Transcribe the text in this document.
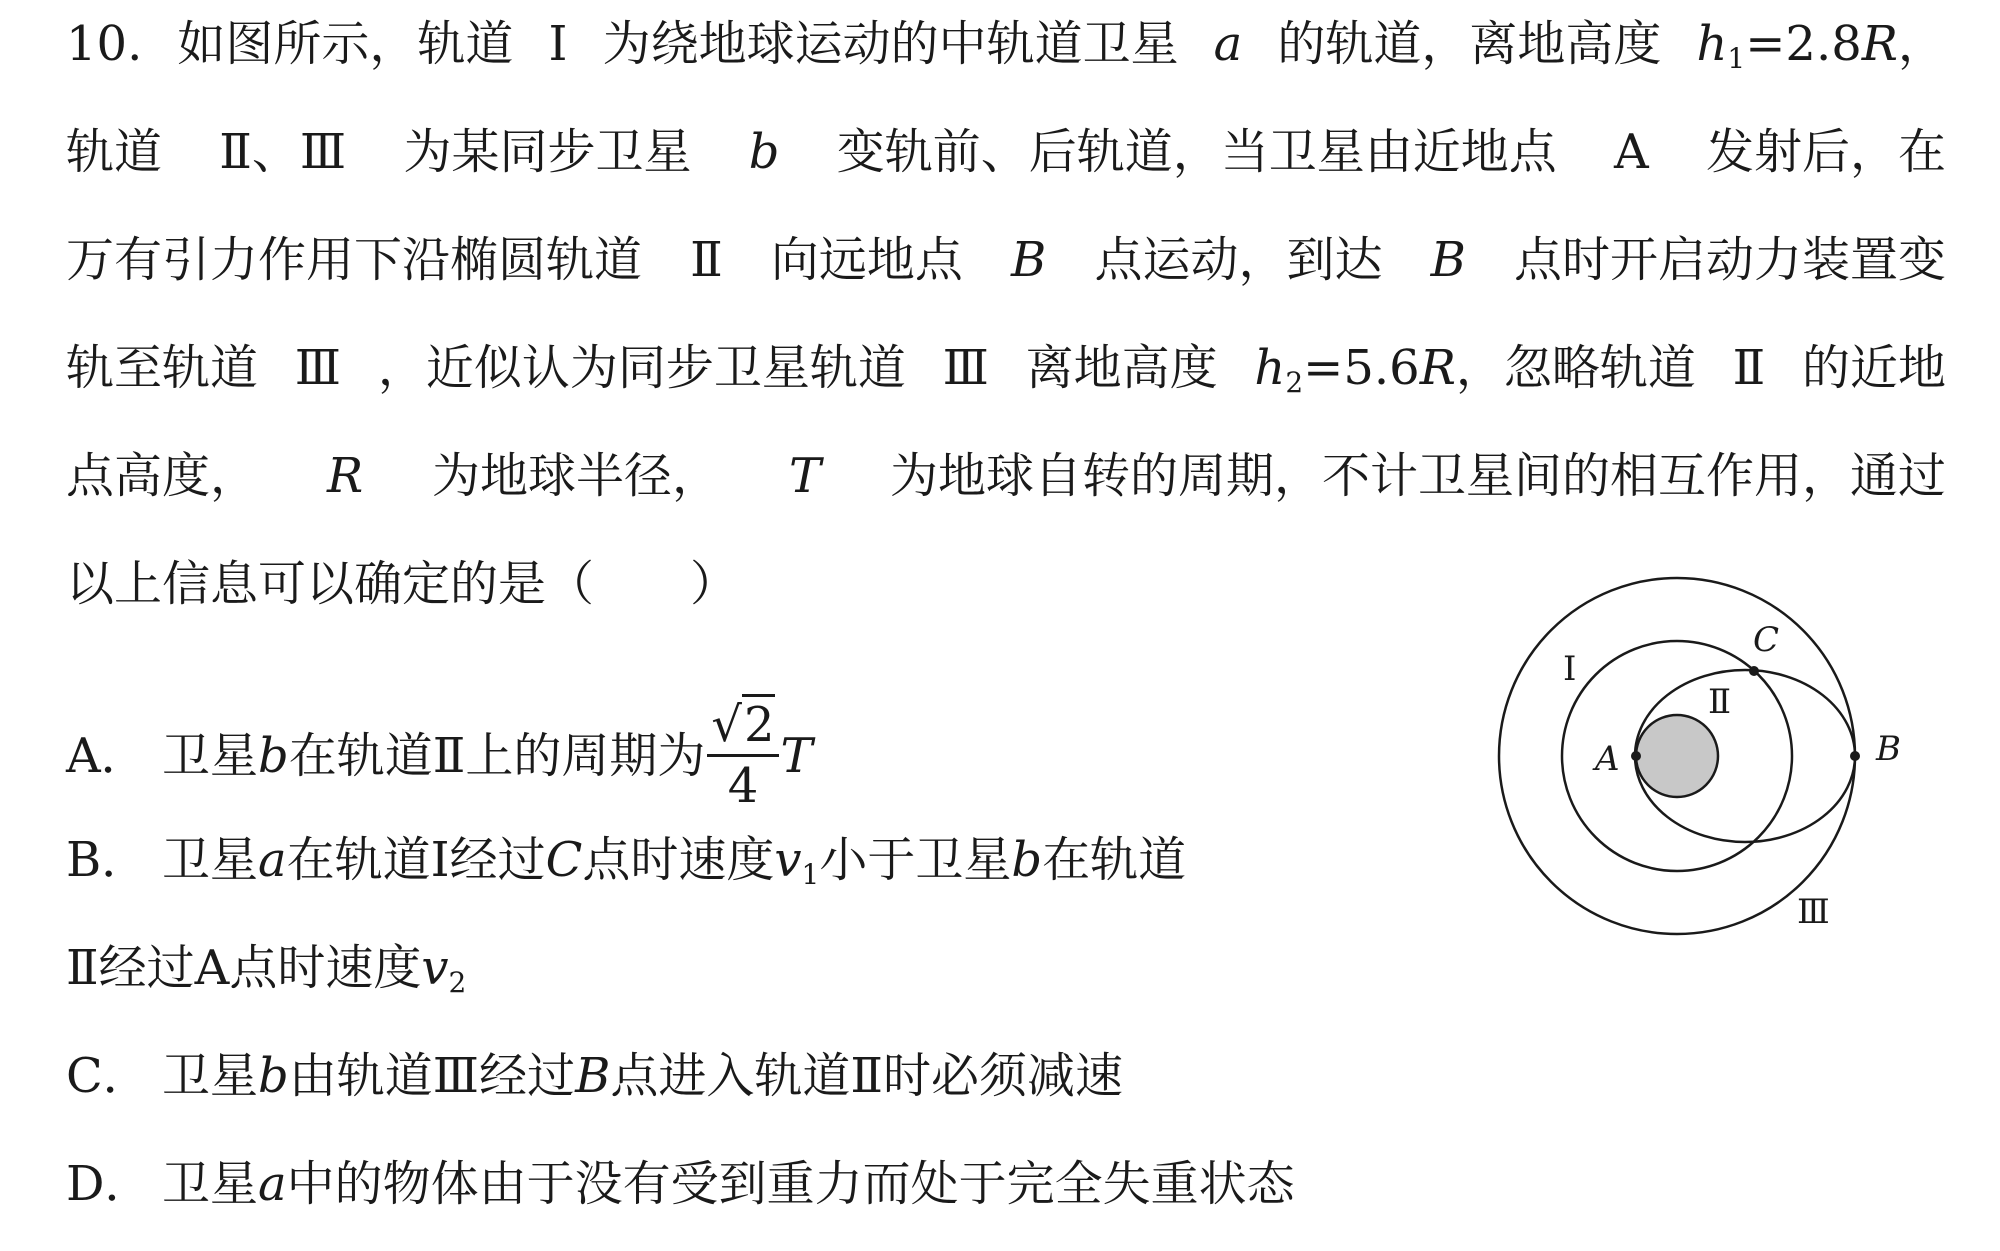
10. 如图所示，轨道 Ⅰ 为绕地球运动的中轨道卫星 a 的轨道，离地高度 $h_1=2.8R$，
轨道 Ⅱ、Ⅲ 为某同步卫星 b 变轨前、后轨道，当卫星由近地点 A 发射后，在
万有引力作用下沿椭圆轨道 Ⅱ 向远地点 B 点运动，到达 B 点时开启动力装置变
轨至轨道 Ⅲ ，近似认为同步卫星轨道 Ⅲ 离地高度 $h_2=5.6R$，忽略轨道 Ⅱ 的近地
点高度， R 为地球半径， T 为地球自转的周期，不计卫星间的相互作用，通过
以上信息可以确定的是（　　）
A． 卫星b在轨道Ⅱ上的周期为 $\frac{√2}{4}$ T
B． 卫星a在轨道Ⅰ经过C点时速度$v_1$小于卫星b在轨道
Ⅱ经过A点时速度$v_2$
C． 卫星b由轨道Ⅲ经过B点进入轨道Ⅱ时必须减速
D． 卫星a中的物体由于没有受到重力而处于完全失重状态
Ⅰ
Ⅱ
Ⅲ
A	B
C
